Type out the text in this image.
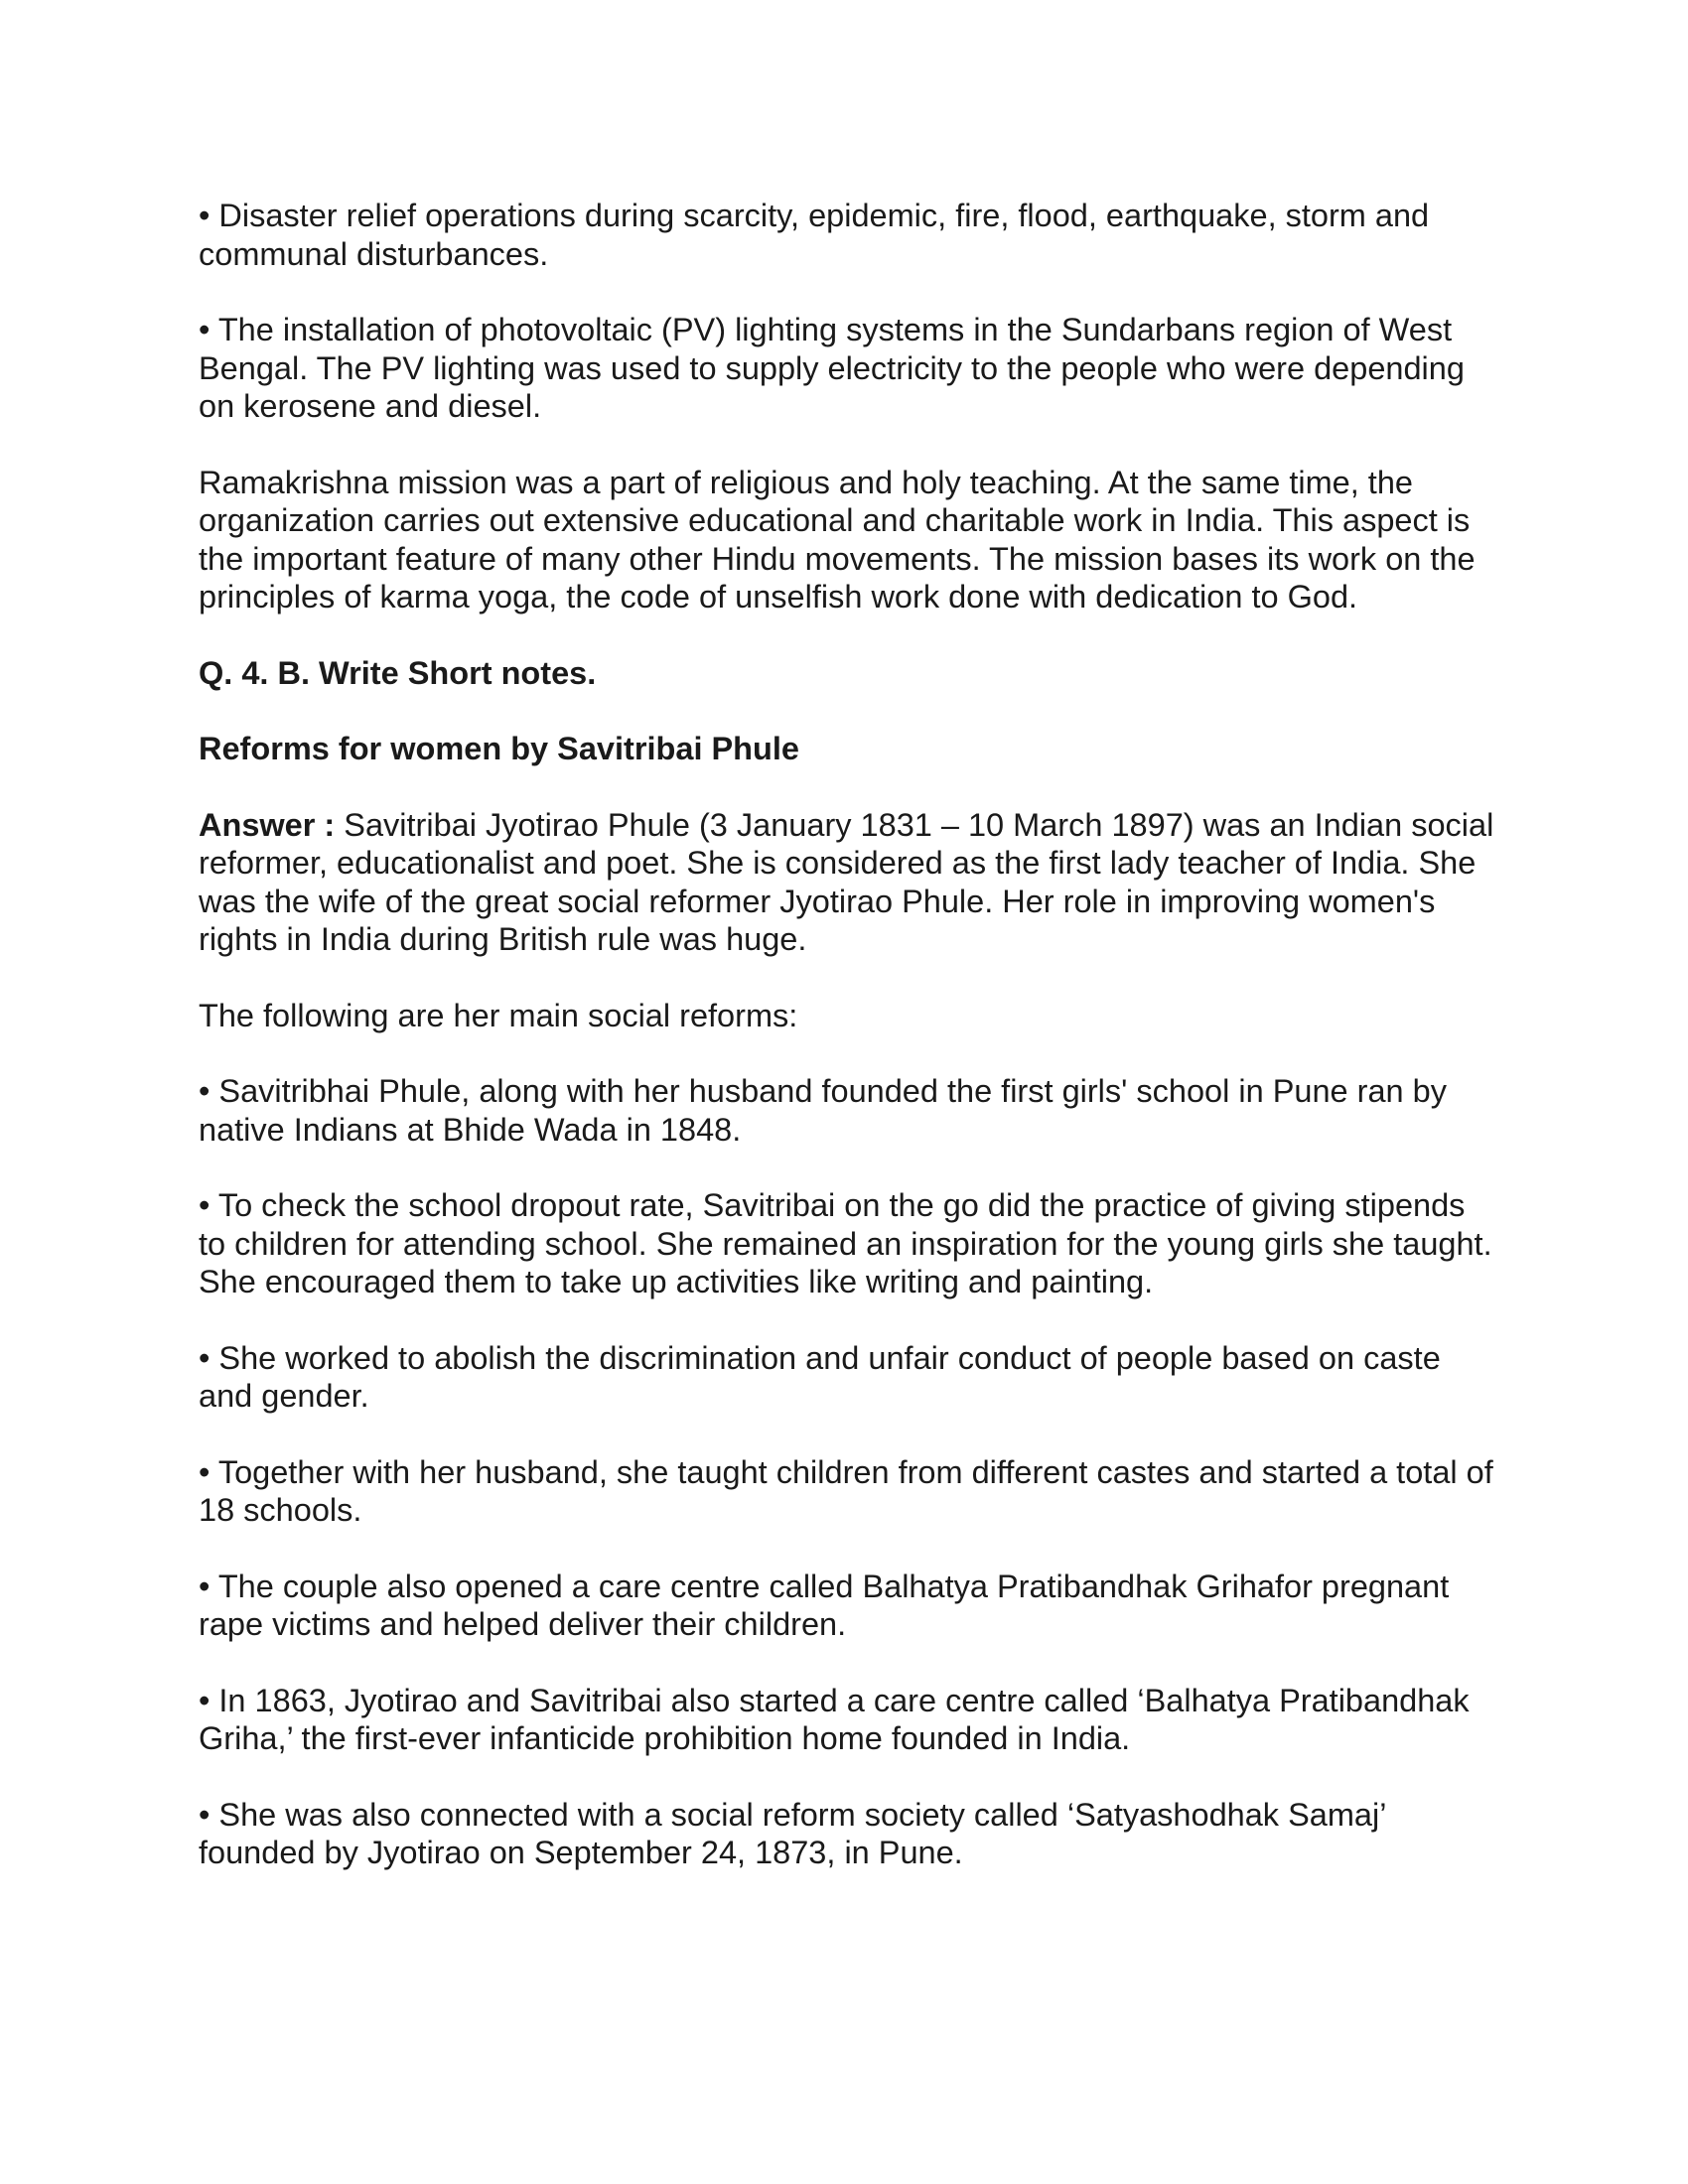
• Disaster relief operations during scarcity, epidemic, fire, flood, earthquake, storm and communal disturbances.

• The installation of photovoltaic (PV) lighting systems in the Sundarbans region of West Bengal. The PV lighting was used to supply electricity to the people who were depending on kerosene and diesel.

Ramakrishna mission was a part of religious and holy teaching. At the same time, the organization carries out extensive educational and charitable work in India. This aspect is the important feature of many other Hindu movements. The mission bases its work on the principles of karma yoga, the code of unselfish work done with dedication to God.

Q. 4. B. Write Short notes.

Reforms for women by Savitribai Phule

Answer : Savitribai Jyotirao Phule (3 January 1831 – 10 March 1897) was an Indian social reformer, educationalist and poet. She is considered as the first lady teacher of India. She was the wife of the great social reformer Jyotirao Phule. Her role in improving women's rights in India during British rule was huge.

The following are her main social reforms:

• Savitribhai Phule, along with her husband founded the first girls' school in Pune ran by native Indians at Bhide Wada in 1848.

• To check the school dropout rate, Savitribai on the go did the practice of giving stipends to children for attending school. She remained an inspiration for the young girls she taught. She encouraged them to take up activities like writing and painting.

• She worked to abolish the discrimination and unfair conduct of people based on caste and gender.

• Together with her husband, she taught children from different castes and started a total of 18 schools.

• The couple also opened a care centre called Balhatya Pratibandhak Grihafor pregnant rape victims and helped deliver their children.

• In 1863, Jyotirao and Savitribai also started a care centre called ‘Balhatya Pratibandhak Griha,’ the first-ever infanticide prohibition home founded in India.

• She was also connected with a social reform society called ‘Satyashodhak Samaj’ founded by Jyotirao on September 24, 1873, in Pune.
